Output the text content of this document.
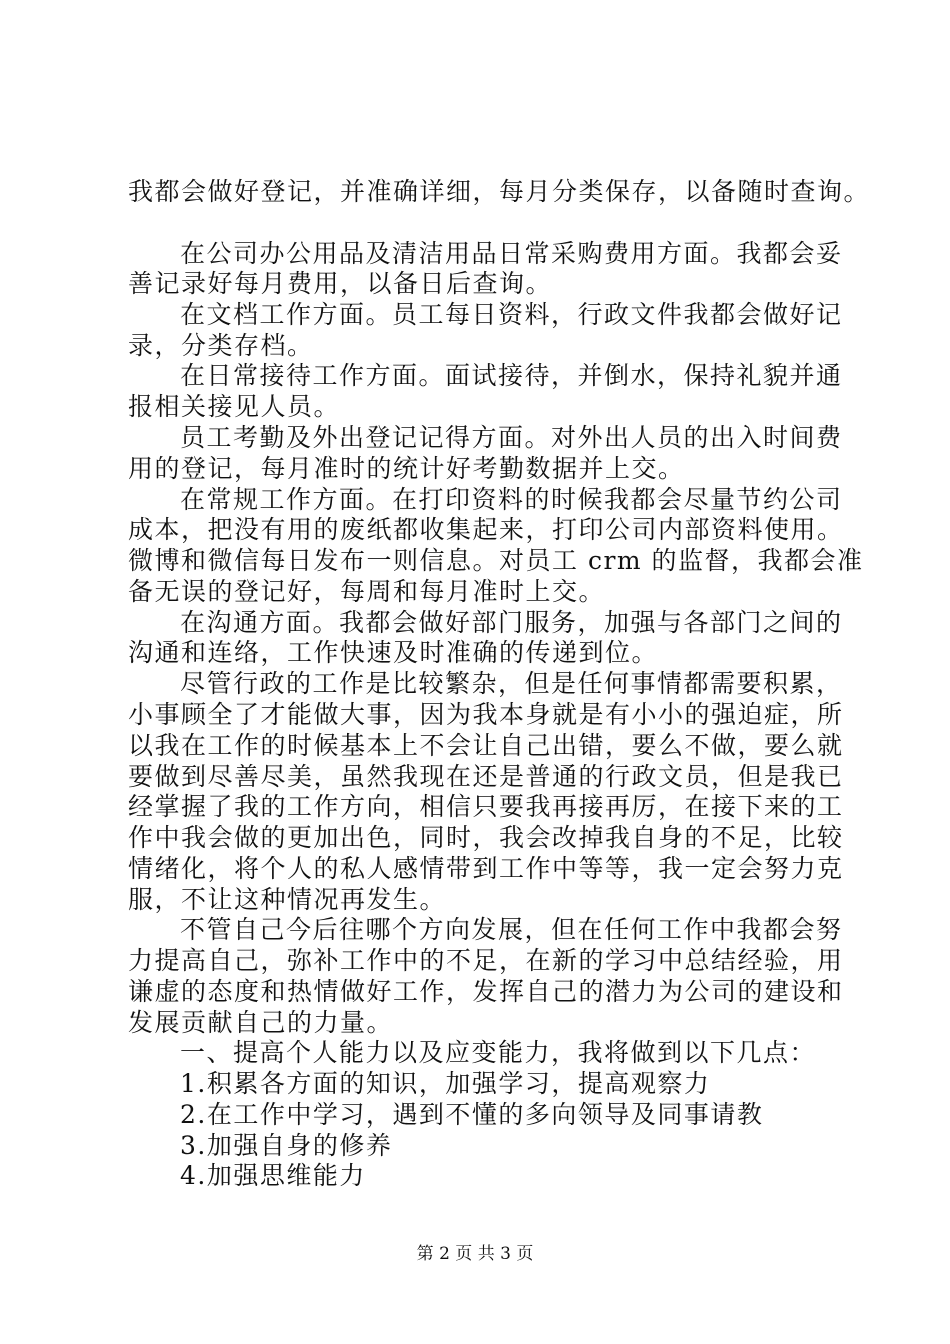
我都会做好登记，并准确详细，每月分类保存，以备随时查询。
在公司办公用品及清洁用品日常采购费用方面。我都会妥
善记录好每月费用，以备日后查询。
在文档工作方面。员工每日资料，行政文件我都会做好记
录，分类存档。
在日常接待工作方面。面试接待，并倒水，保持礼貌并通
报相关接见人员。
员工考勤及外出登记记得方面。对外出人员的出入时间费
用的登记，每月准时的统计好考勤数据并上交。
在常规工作方面。在打印资料的时候我都会尽量节约公司
成本，把没有用的废纸都收集起来，打印公司内部资料使用。
微博和微信每日发布一则信息。对员工 crm 的监督，我都会准
备无误的登记好，每周和每月准时上交。
在沟通方面。我都会做好部门服务，加强与各部门之间的
沟通和连络，工作快速及时准确的传递到位。
尽管行政的工作是比较繁杂，但是任何事情都需要积累，
小事顾全了才能做大事，因为我本身就是有小小的强迫症，所
以我在工作的时候基本上不会让自己出错，要么不做，要么就
要做到尽善尽美，虽然我现在还是普通的行政文员，但是我已
经掌握了我的工作方向，相信只要我再接再厉，在接下来的工
作中我会做的更加出色，同时，我会改掉我自身的不足，比较
情绪化，将个人的私人感情带到工作中等等，我一定会努力克
服，不让这种情况再发生。
不管自己今后往哪个方向发展，但在任何工作中我都会努
力提高自己，弥补工作中的不足，在新的学习中总结经验，用
谦虚的态度和热情做好工作，发挥自己的潜力为公司的建设和
发展贡献自己的力量。
一、提高个人能力以及应变能力，我将做到以下几点：
1.积累各方面的知识，加强学习，提高观察力
2.在工作中学习，遇到不懂的多向领导及同事请教
3.加强自身的修养
4.加强思维能力
第 2 页 共 3 页
